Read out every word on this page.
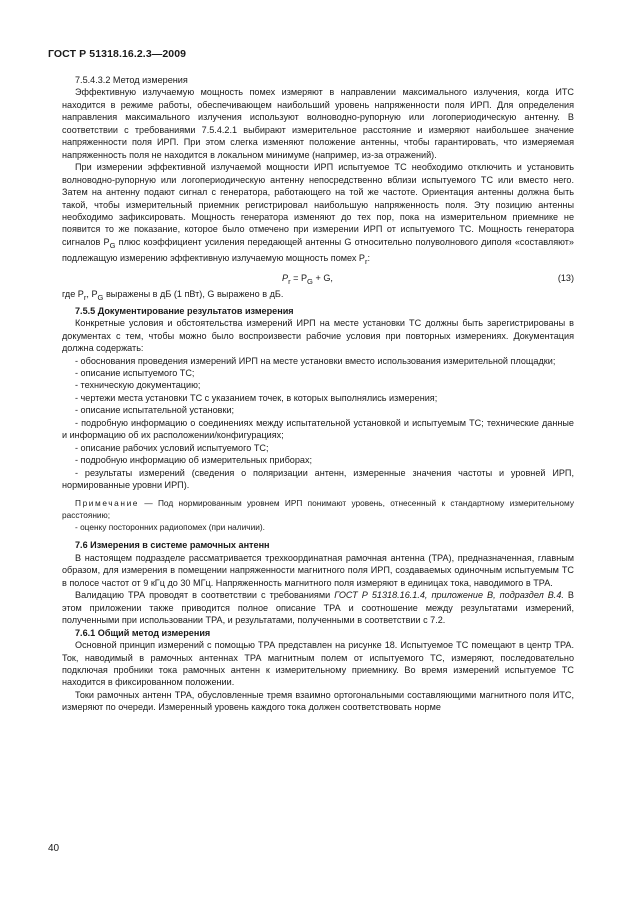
ГОСТ Р 51318.16.2.3—2009

7.5.4.3.2 Метод измерения

Эффективную излучаемую мощность помех измеряют в направлении максимального излучения, когда ИТС находится в режиме работы, обеспечивающем наибольший уровень напряженности поля ИРП. Для определения направления максимального излучения используют волноводно-рупорную или логопериодическую антенну. В соответствии с требованиями 7.5.4.2.1 выбирают измерительное расстояние и измеряют наибольшее значение напряженности поля ИРП. При этом слегка изменяют положение антенны, чтобы гарантировать, что измеряемая напряженность поля не находится в локальном минимуме (например, из-за отражений).

При измерении эффективной излучаемой мощности ИРП испытуемое ТС необходимо отключить и установить волноводно-рупорную или логопериодическую антенну непосредственно вблизи испытуемого ТС или вместо него. Затем на антенну подают сигнал с генератора, работающего на той же частоте. Ориентация антенны должна быть такой, чтобы измерительный приемник регистрировал наибольшую напряженность поля. Эту позицию антенны необходимо зафиксировать. Мощность генератора изменяют до тех пор, пока на измерительном приемнике не появится то же показание, которое было отмечено при измерении ИРП от испытуемого ТС. Мощность генератора сигналов $P_G$ плюс коэффициент усиления передающей антенны G относительно полуволнового диполя «составляют» подлежащую измерению эффективную излучаемую мощность помех $P_r$:

$P_r = P_G + G$,	(13)

где $P_r$, $P_G$ выражены в дБ (1 пВт), G выражено в дБ.

7.5.5 Документирование результатов измерения

Конкретные условия и обстоятельства измерений ИРП на месте установки ТС должны быть зарегистрированы в документах с тем, чтобы можно было воспроизвести рабочие условия при повторных измерениях. Документация должна содержать:

- обоснования проведения измерений ИРП на месте установки вместо использования измерительной площадки;

- описание испытуемого ТС;

- техническую документацию;

- чертежи места установки ТС с указанием точек, в которых выполнялись измерения;

- описание испытательной установки;

- подробную информацию о соединениях между испытательной установкой и испытуемым ТС; технические данные и информацию об их расположении/конфигурациях;

- описание рабочих условий испытуемого ТС;

- подробную информацию об измерительных приборах;

- результаты измерений (сведения о поляризации антенн, измеренные значения частоты и уровней ИРП, нормированные уровни ИРП).

Примечание — Под нормированным уровнем ИРП понимают уровень, отнесенный к стандартному измерительному расстоянию;

- оценку посторонних радиопомех (при наличии).

7.6 Измерения в системе рамочных антенн

В настоящем подразделе рассматривается трехкоординатная рамочная антенна (ТРА), предназначенная, главным образом, для измерения в помещении напряженности магнитного поля ИРП, создаваемых одиночным испытуемым ТС в полосе частот от 9 кГц до 30 МГц. Напряженность магнитного поля измеряют в единицах тока, наводимого в ТРА.

Валидацию ТРА проводят в соответствии с требованиями ГОСТ Р 51318.16.1.4, приложение В, подраздел В.4. В этом приложении также приводится полное описание ТРА и соотношение между результатами измерений, полученными при использовании ТРА, и результатами, полученными в соответствии с 7.2.

7.6.1 Общий метод измерения

Основной принцип измерений с помощью ТРА представлен на рисунке 18. Испытуемое ТС помещают в центр ТРА. Ток, наводимый в рамочных антеннах ТРА магнитным полем от испытуемого ТС, измеряют, последовательно подключая пробники тока рамочных антенн к измерительному приемнику. Во время измерений испытуемое ТС находится в фиксированном положении.

Токи рамочных антенн ТРА, обусловленные тремя взаимно ортогональными составляющими магнитного поля ИТС, измеряют по очереди. Измеренный уровень каждого тока должен соответствовать норме

40
